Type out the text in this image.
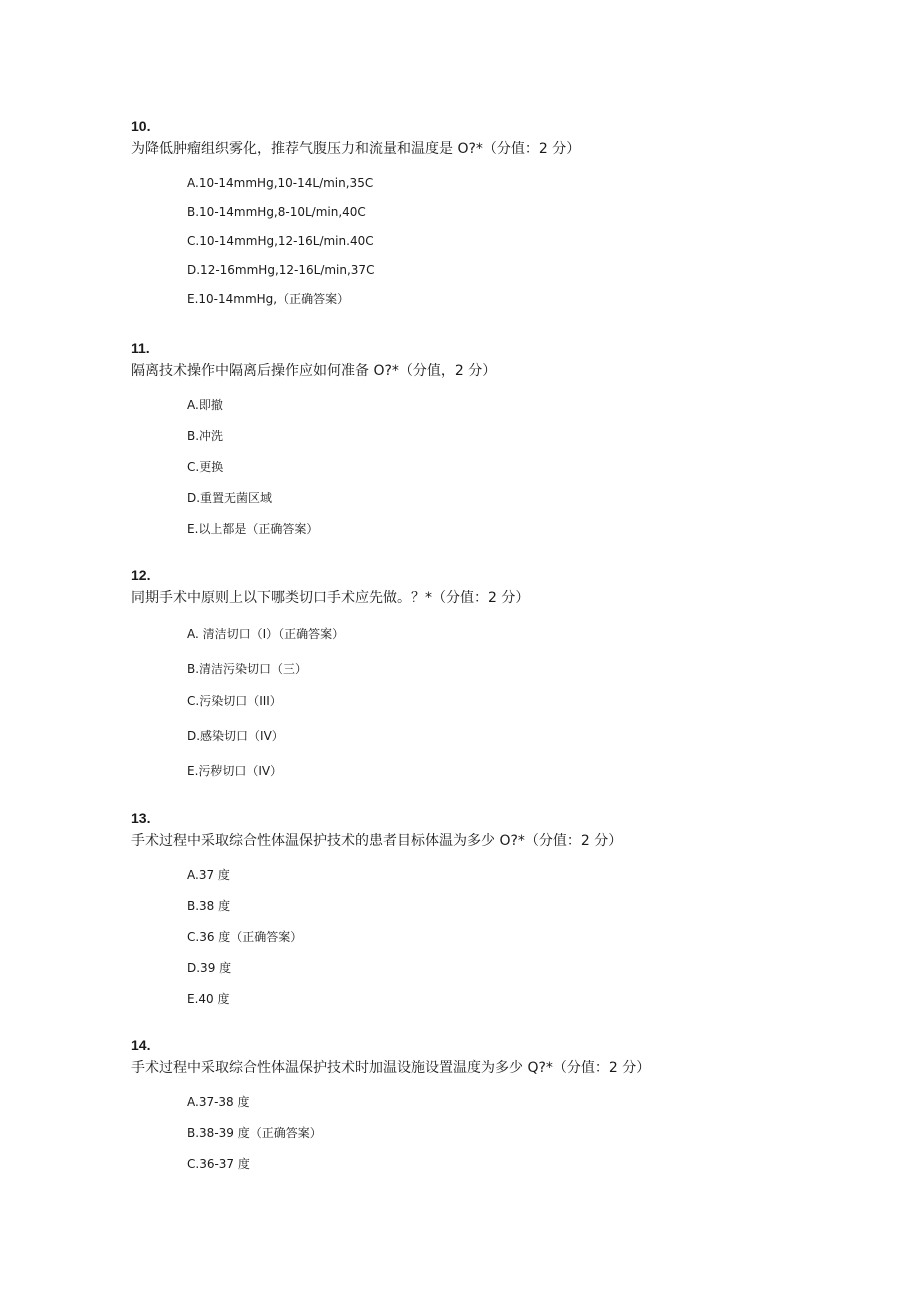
10.
为降低肿瘤组织雾化，推荐气腹压力和流量和温度是 O?*（分值：2 分）
A.10-14mmHg,10-14L/min,35C
B.10-14mmHg,8-10L/min,40C
C.10-14mmHg,12-16L/min.40C
D.12-16mmHg,12-16L/min,37C
E.10-14mmHg,（正确答案）
11.
隔离技术操作中隔离后操作应如何准备 O?*（分值，2 分）
A.即撤
B.冲洗
C.更换
D.重置无菌区域
E.以上都是（正确答案）
12.
同期手术中原则上以下哪类切口手术应先做。？*（分值：2 分）
A. 清洁切口（I）（正确答案）
B.清洁污染切口（三）
C.污染切口（III）
D.感染切口（IV）
E.污秽切口（IV）
13.
手术过程中采取综合性体温保护技术的患者目标体温为多少 O?*（分值：2 分）
A.37 度
B.38 度
C.36 度（正确答案）
D.39 度
E.40 度
14.
手术过程中采取综合性体温保护技术时加温设施设置温度为多少 Q?*（分值：2 分）
A.37-38 度
B.38-39 度（正确答案）
C.36-37 度
